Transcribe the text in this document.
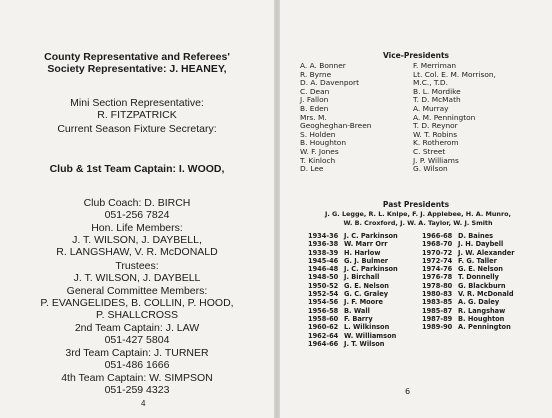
County Representative and Referees'
Society Representative: J. HEANEY,
Mini Section Representative:
R. FITZPATRICK
Current Season Fixture Secretary:
Club & 1st Team Captain: I. WOOD,
Club Coach: D. BIRCH
051-256 7824
Hon. Life Members:
J. T. WILSON, J. DAYBELL,
R. LANGSHAW, V. R. McDONALD
Trustees:
J. T. WILSON, J. DAYBELL
General Committee Members:
P. EVANGELIDES, B. COLLIN, P. HOOD,
P. SHALLCROSS
2nd Team Captain: J. LAW
051-427 5804
3rd Team Captain: J. TURNER
051-486 1666
4th Team Captain: W. SIMPSON
051-259 4323
4
Vice-Presidents
A. A. Bonner
R. Byrne
D. A. Davenport
C. Dean
J. Fallon
B. Eden
Mrs. M.
Geogheghan-Breen
S. Holden
B. Houghton
W. F. Jones
T. Kinloch
D. Lee
F. Merriman
Lt. Col. E. M. Morrison,
M.C., T.D.
B. L. Mordike
T. D. McMath
A. Murray
A. M. Pennington
T. D. Reynor
W. T. Robins
K. Rotherom
C. Street
J. P. Williams
G. Wilson
Past Presidents
J. G. Legge, R. L. Knipe, F. J. Applebee, H. A. Munro,
W. B. Croxford, J. W. A. Taylor, W. J. Smith
1934-36 J. C. Parkinson
1936-38 W. Marr Orr
1938-39 H. Harlow
1945-46 G. J. Bulmer
1946-48 J. C. Parkinson
1948-50 J. Birchall
1950-52 G. E. Nelson
1952-54 G. C. Graley
1954-56 J. F. Moore
1956-58 B. Wall
1958-60 F. Barry
1960-62 L. Wilkinson
1962-64 W. Williamson
1964-66 J. T. Wilson
1966-68 D. Baines
1968-70 J. H. Daybell
1970-72 J. W. Alexander
1972-74 F. G. Taller
1974-76 G. E. Nelson
1976-78 T. Donnelly
1978-80 G. Blackburn
1980-83 V. R. McDonald
1983-85 A. G. Daley
1985-87 R. Langshaw
1987-89 B. Houghton
1989-90 A. Pennington
6
